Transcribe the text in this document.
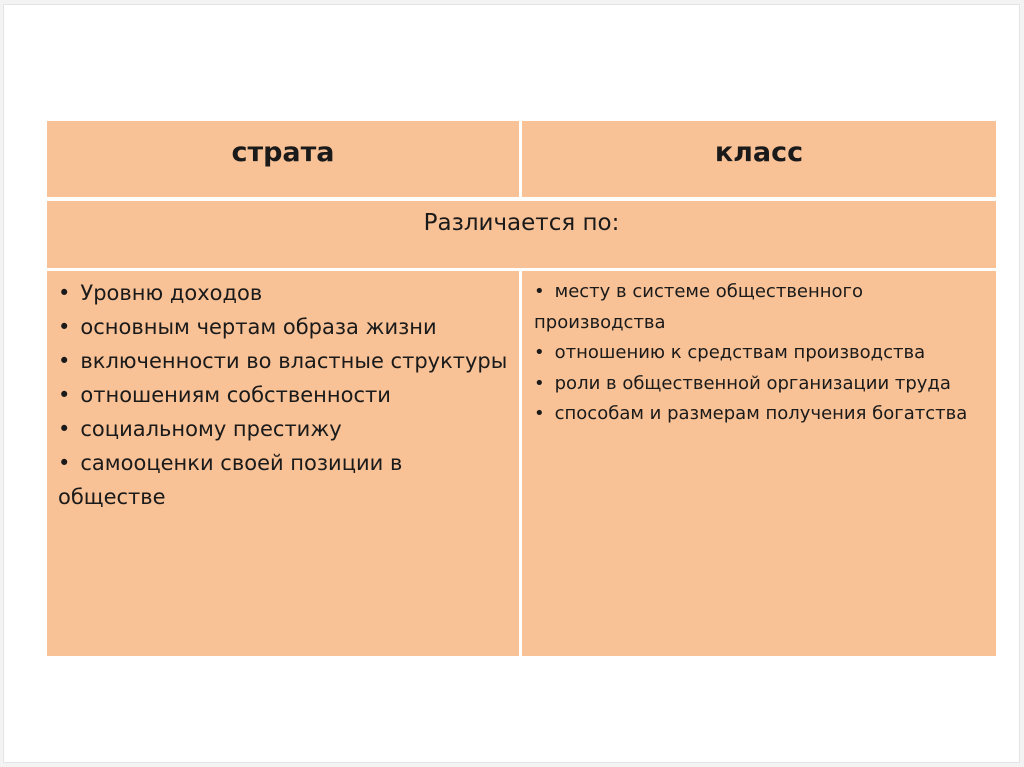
страта	класс
Различается по:
• Уровню доходов
• основным чертам образа жизни
• включенности во властные структуры
• отношениям собственности
• социальному престижу
• самооценки своей позиции в обществе
• месту в системе общественного производства
• отношению к средствам производства
• роли в общественной организации труда
• способам и размерам получения богатства
